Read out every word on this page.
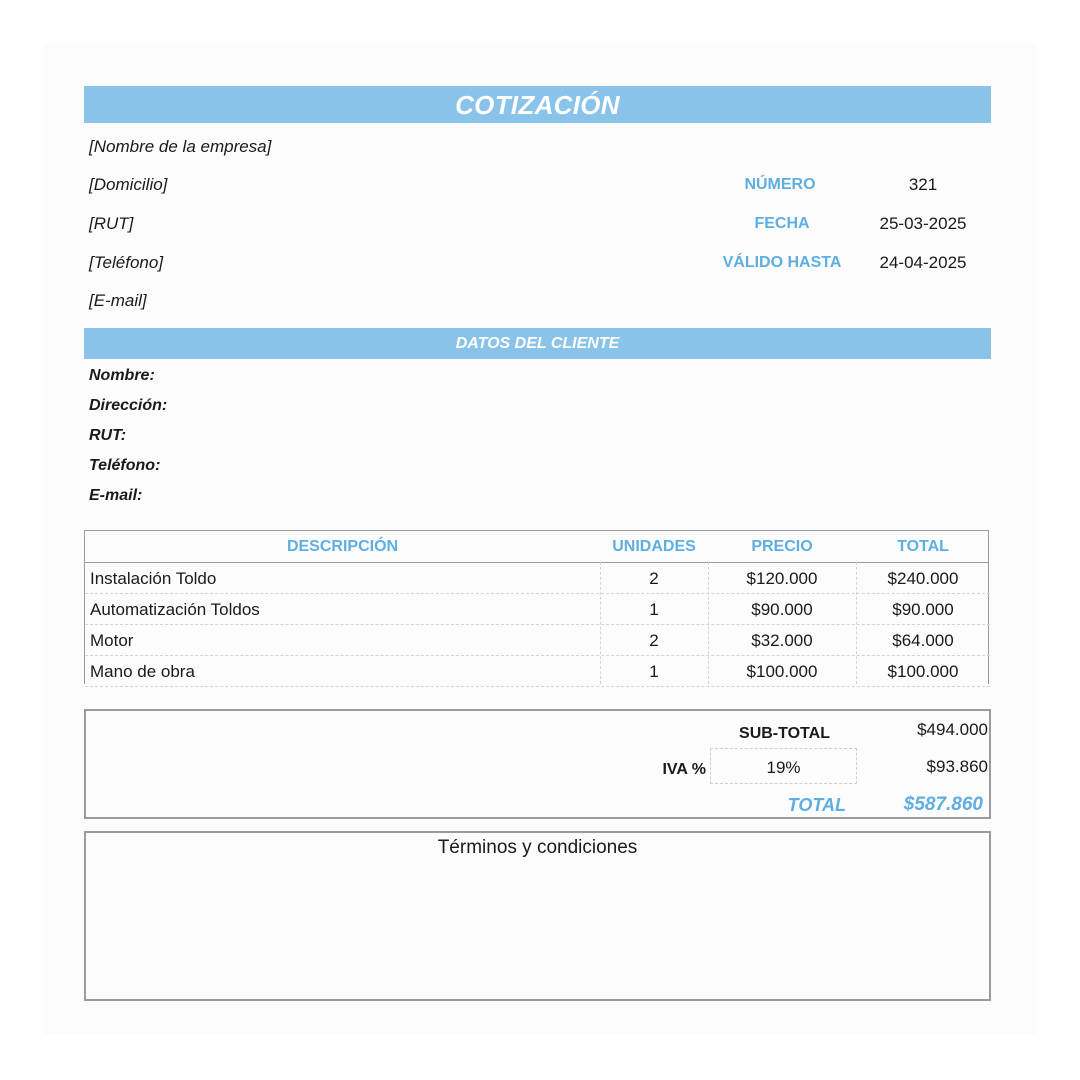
COTIZACIÓN
[Nombre de la empresa]
[Domicilio]
[RUT]
[Teléfono]
[E-mail]
NÚMERO	321
FECHA	25-03-2025
VÁLIDO HASTA	24-04-2025
DATOS DEL CLIENTE
Nombre:
Dirección:
RUT:
Teléfono:
E-mail:
DESCRIPCIÓN	UNIDADES	PRECIO	TOTAL
Instalación Toldo	2	$120.000	$240.000
Automatización Toldos	1	$90.000	$90.000
Motor	2	$32.000	$64.000
Mano de obra	1	$100.000	$100.000
SUB-TOTAL	$494.000
IVA %	19%	$93.860
TOTAL	$587.860
Términos y condiciones
